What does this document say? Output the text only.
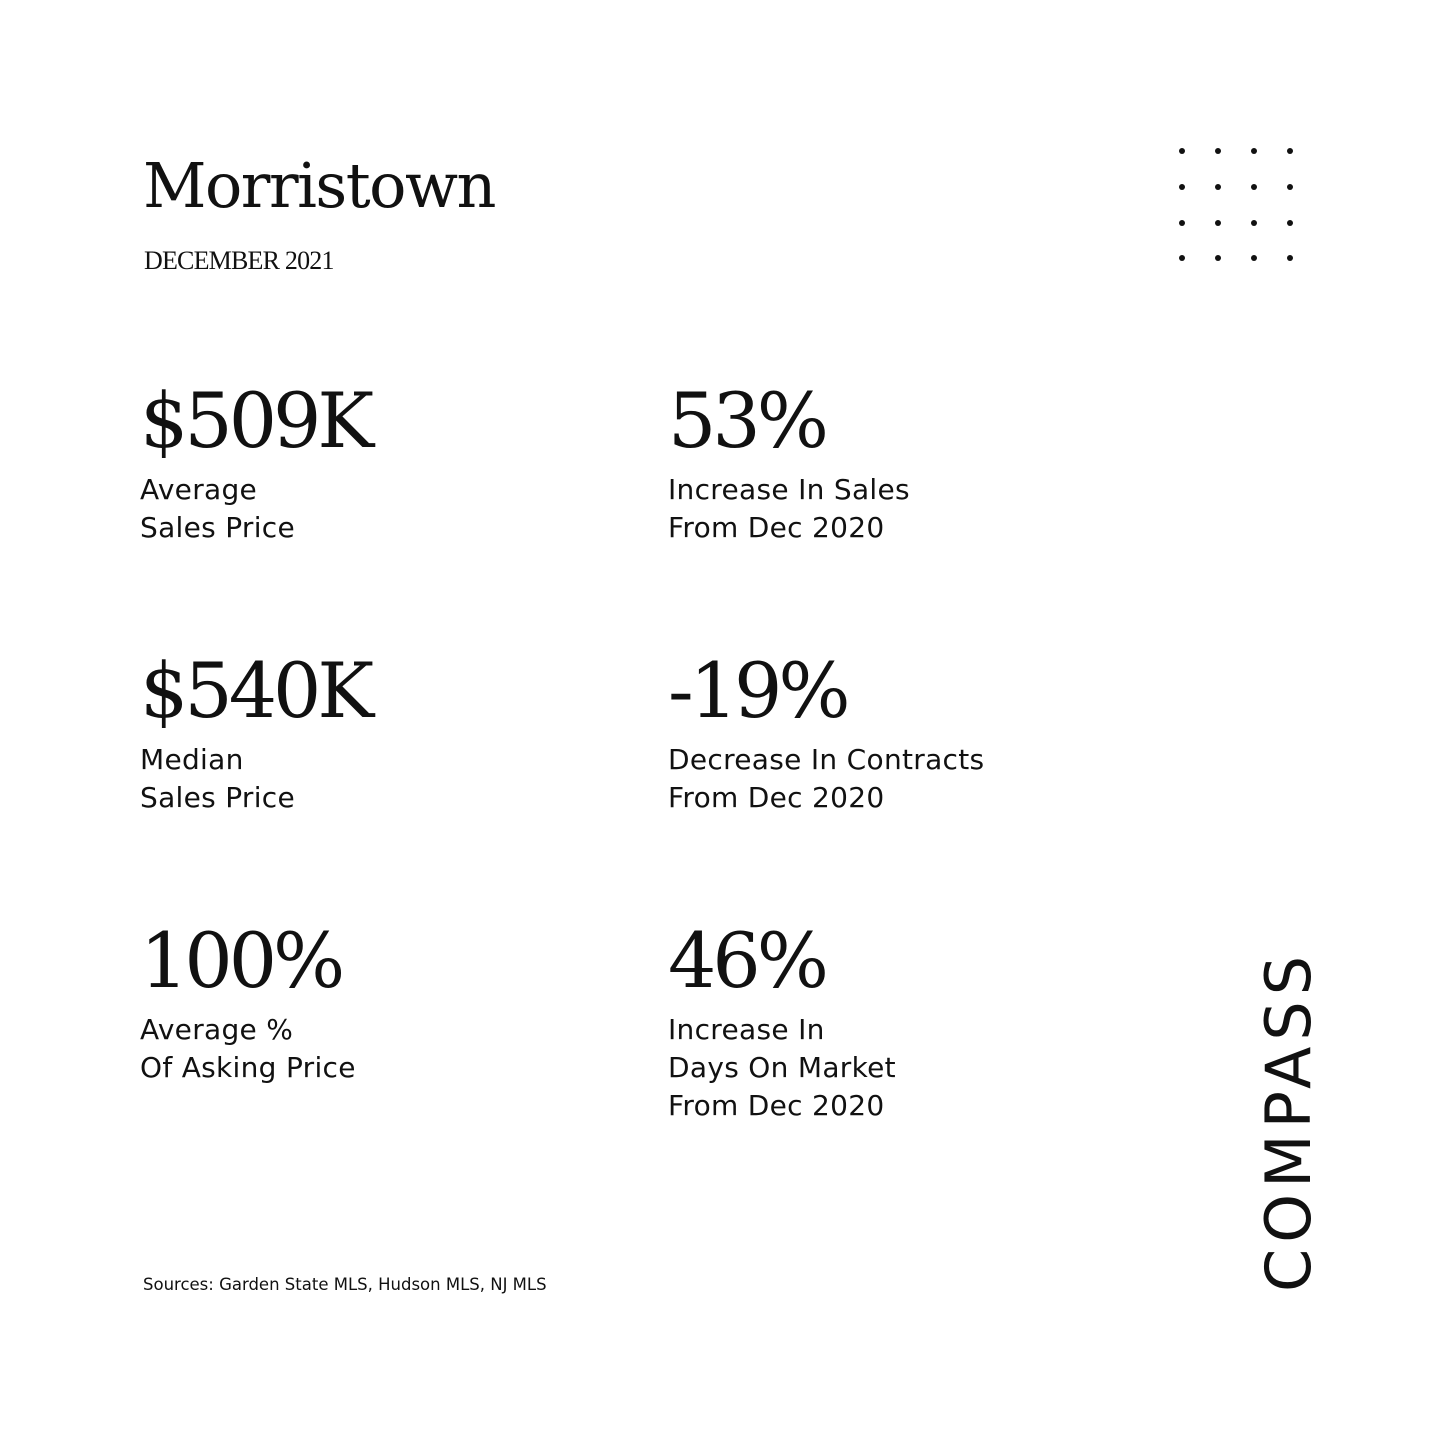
Morristown
DECEMBER 2021
$509K
Average
Sales Price
53%
Increase In Sales
From Dec 2020
$540K
Median
Sales Price
-19%
Decrease In Contracts
From Dec 2020
100%
Average %
Of Asking Price
46%
Increase In
Days On Market
From Dec 2020
Sources: Garden State MLS, Hudson MLS, NJ MLS	COMPASS
